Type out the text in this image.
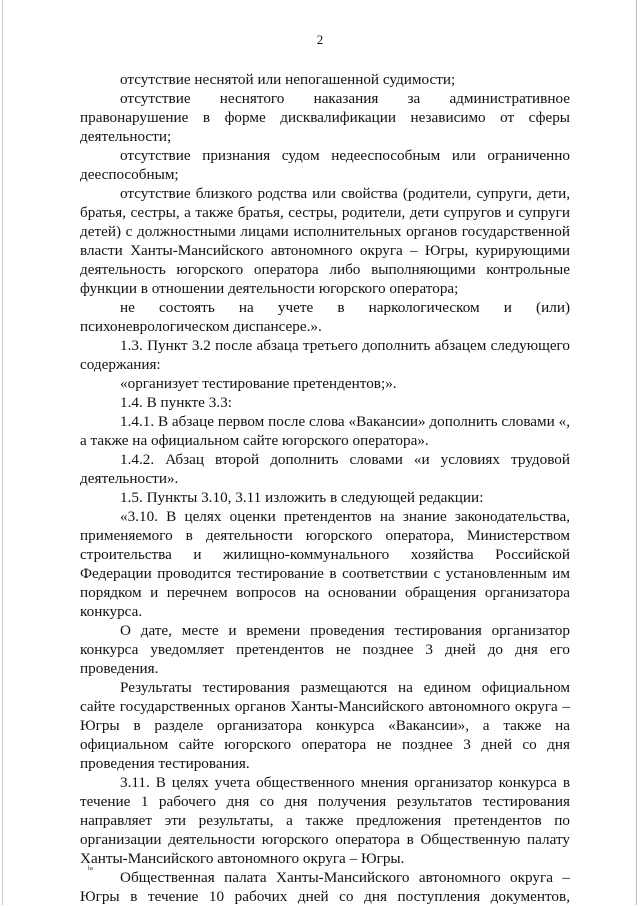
2

отсутствие неснятой или непогашенной судимости;

отсутствие неснятого наказания за административное правонарушение в форме дисквалификации независимо от сферы деятельности;

отсутствие признания судом недееспособным или ограниченно дееспособным;

отсутствие близкого родства или свойства (родители, супруги, дети, братья, сестры, а также братья, сестры, родители, дети супругов и супруги детей) с должностными лицами исполнительных органов государственной власти Ханты-Мансийского автономного округа – Югры, курирующими деятельность югорского оператора либо выполняющими контрольные функции в отношении деятельности югорского оператора;

не состоять на учете в наркологическом и (или) психоневрологическом диспансере.».

1.3. Пункт 3.2 после абзаца третьего дополнить абзацем следующего содержания:

«организует тестирование претендентов;».

1.4. В пункте 3.3:

1.4.1. В абзаце первом после слова «Вакансии» дополнить словами «, а также на официальном сайте югорского оператора».

1.4.2. Абзац второй дополнить словами «и условиях трудовой деятельности».

1.5. Пункты 3.10, 3.11 изложить в следующей редакции:

«3.10. В целях оценки претендентов на знание законодательства, применяемого в деятельности югорского оператора, Министерством строительства и жилищно-коммунального хозяйства Российской Федерации проводится тестирование в соответствии с установленным им порядком и перечнем вопросов на основании обращения организатора конкурса.

О дате, месте и времени проведения тестирования организатор конкурса уведомляет претендентов не позднее 3 дней до дня его проведения.

Результаты тестирования размещаются на едином официальном сайте государственных органов Ханты-Мансийского автономного округа – Югры в разделе организатора конкурса «Вакансии», а также на официальном сайте югорского оператора не позднее 3 дней со дня проведения тестирования.

3.11. В целях учета общественного мнения организатор конкурса в течение 1 рабочего дня со дня получения результатов тестирования направляет эти результаты, а также предложения претендентов по организации деятельности югорского оператора в Общественную палату Ханты-Мансийского автономного округа – Югры.

Общественная палата Ханты-Мансийского автономного округа – Югры в течение 10 рабочих дней со дня поступления документов,

hs
